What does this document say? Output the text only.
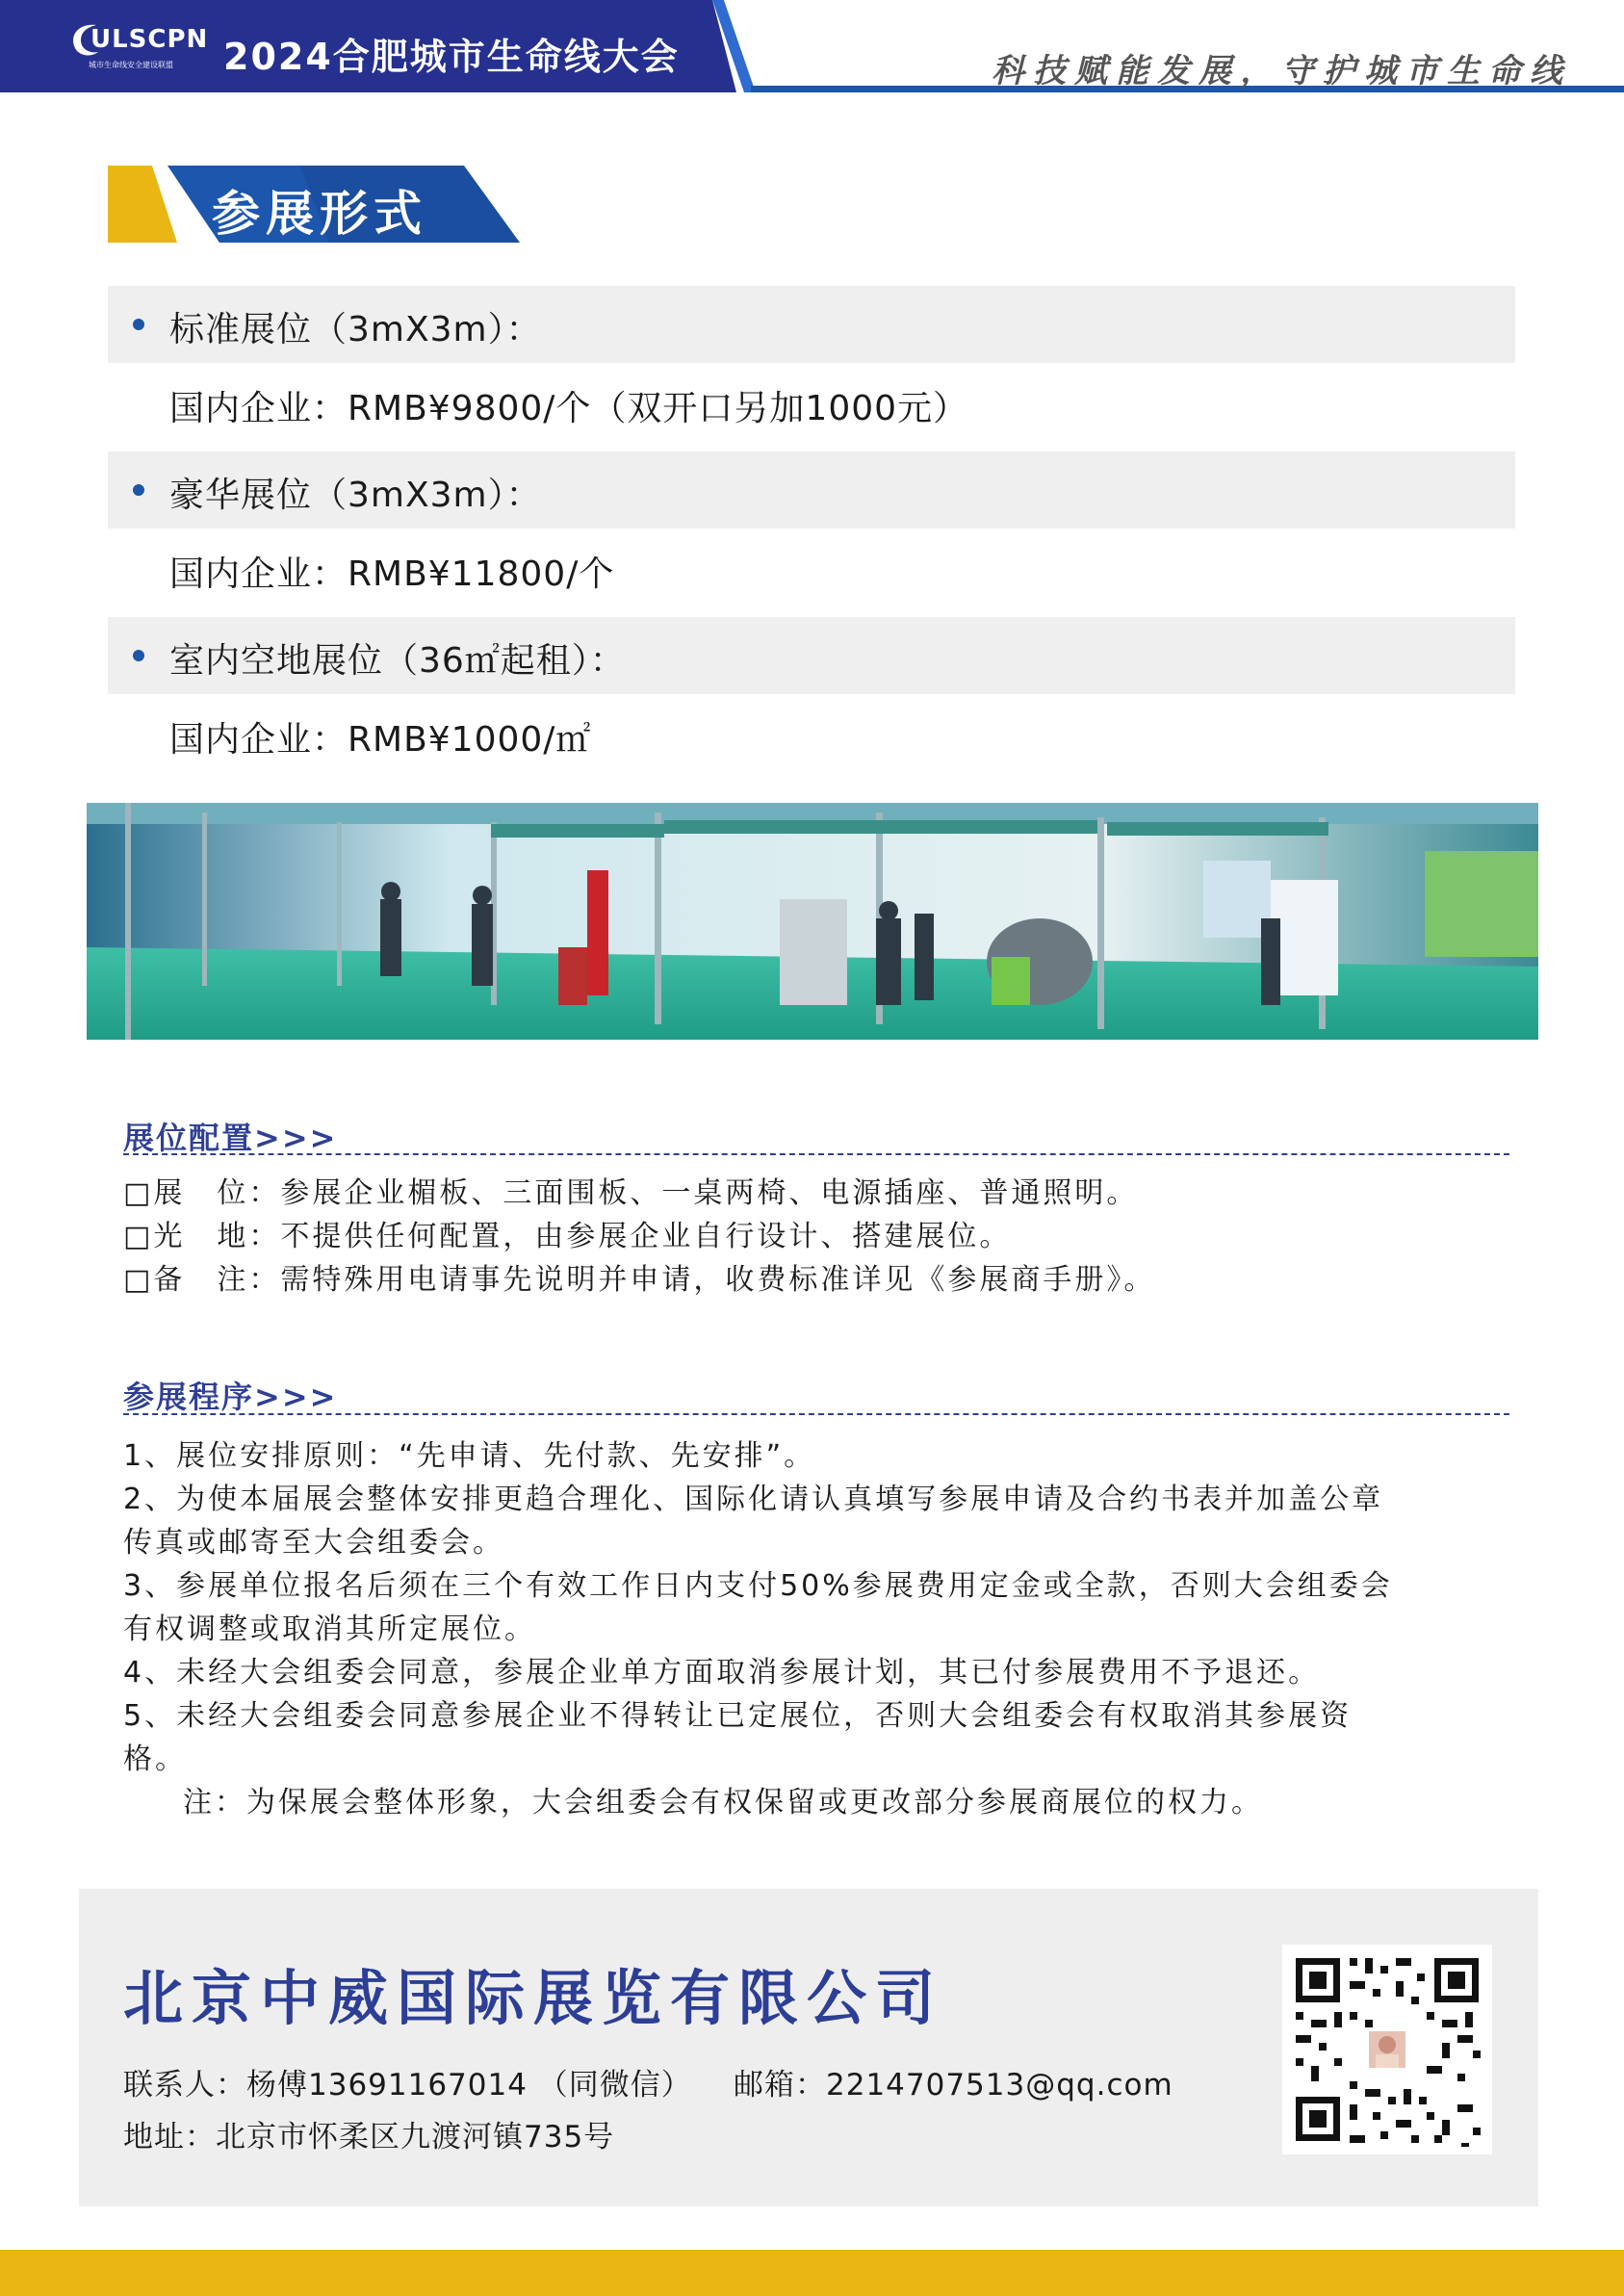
ULSCPN
城市生命线安全建设联盟 2024合肥城市生命线大会	科技赋能发展，守护城市生命线
参展形式
标准展位（3mX3m）：
国内企业：RMB¥9800/个（双开口另加1000元）
豪华展位（3mX3m）：
国内企业：RMB¥11800/个
室内空地展位（36㎡起租）：
国内企业：RMB¥1000/㎡
展位配置>>>
□展　位：参展企业楣板、三面围板、一桌两椅、电源插座、普通照明。
□光　地：不提供任何配置，由参展企业自行设计、搭建展位。
□备　注：需特殊用电请事先说明并申请，收费标准详见《参展商手册》。
参展程序>>>
1、展位安排原则：“先申请、先付款、先安排”。
2、为使本届展会整体安排更趋合理化、国际化请认真填写参展申请及合约书表并加盖公章
传真或邮寄至大会组委会。
3、参展单位报名后须在三个有效工作日内支付50%参展费用定金或全款，否则大会组委会
有权调整或取消其所定展位。
4、未经大会组委会同意，参展企业单方面取消参展计划，其已付参展费用不予退还。
5、未经大会组委会同意参展企业不得转让已定展位，否则大会组委会有权取消其参展资
格。
注：为保展会整体形象，大会组委会有权保留或更改部分参展商展位的权力。
北京中威国际展览有限公司
联系人：杨傅13691167014 （同微信） 邮箱：2214707513@qq.com
地址：北京市怀柔区九渡河镇735号
